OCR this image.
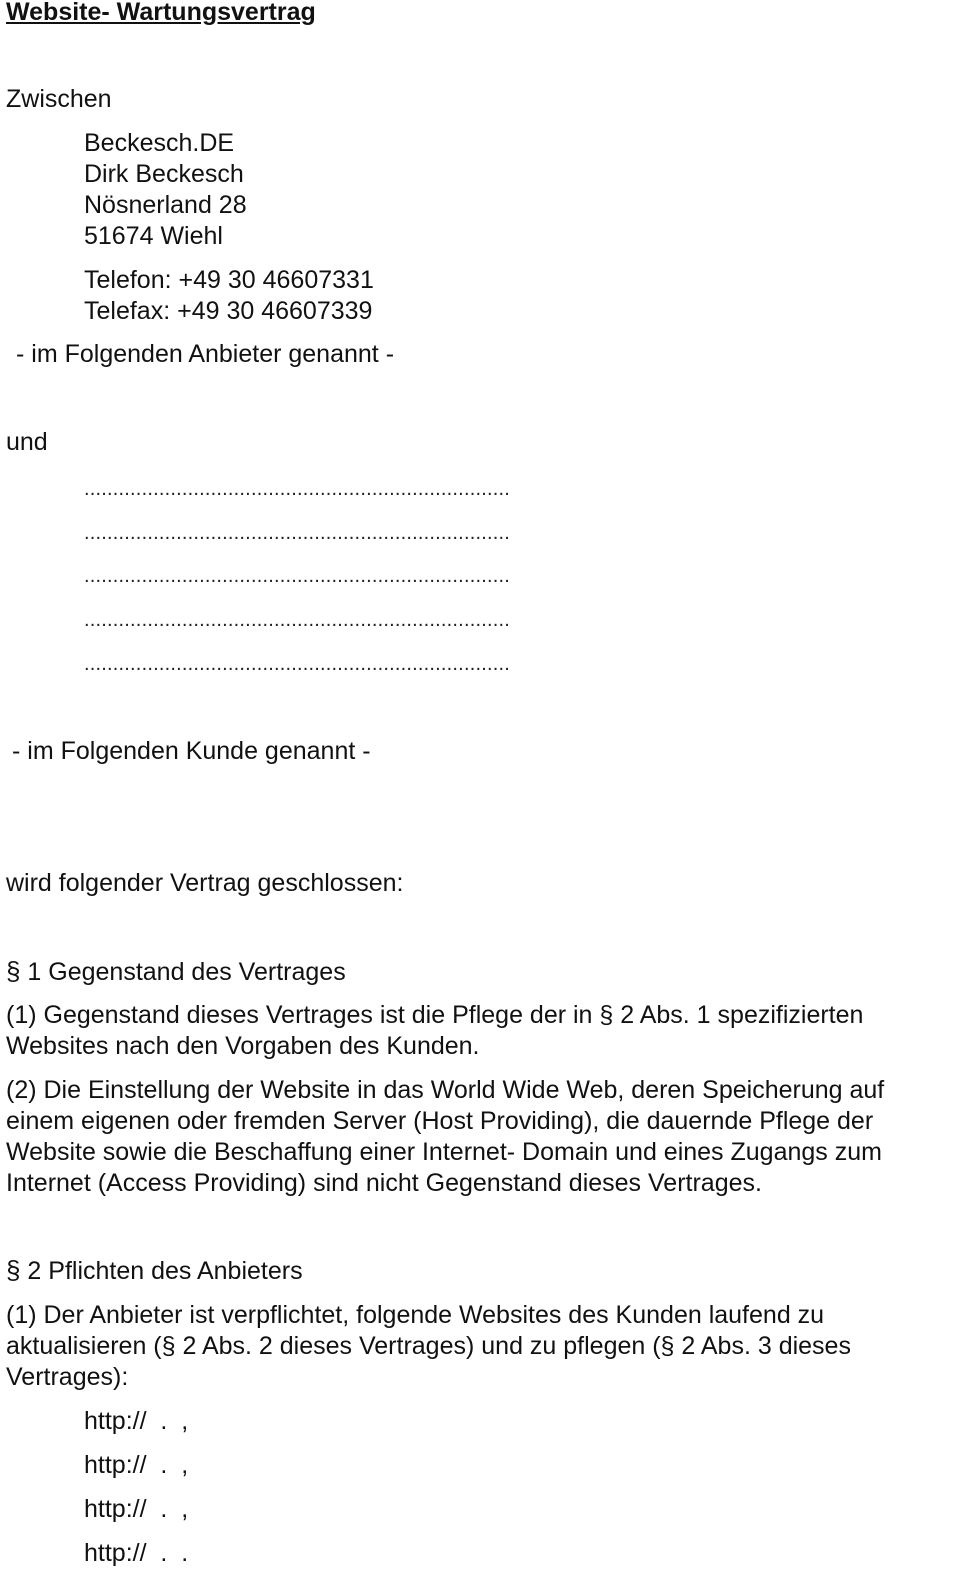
Website- Wartungsvertrag
Zwischen
Beckesch.DE
Dirk Beckesch
Nösnerland 28
51674 Wiehl
Telefon: +49 30 46607331
Telefax: +49 30 46607339
- im Folgenden Anbieter genannt -
und
..........................................................................
..........................................................................
..........................................................................
..........................................................................
..........................................................................
- im Folgenden Kunde genannt -
wird folgender Vertrag geschlossen:
§ 1 Gegenstand des Vertrages
(1) Gegenstand dieses Vertrages ist die Pflege der in § 2 Abs. 1 spezifizierten
Websites nach den Vorgaben des Kunden.
(2) Die Einstellung der Website in das World Wide Web, deren Speicherung auf
einem eigenen oder fremden Server (Host Providing), die dauernde Pflege der
Website sowie die Beschaffung einer Internet- Domain und eines Zugangs zum
Internet (Access Providing) sind nicht Gegenstand dieses Vertrages.
§ 2 Pflichten des Anbieters
(1) Der Anbieter ist verpflichtet, folgende Websites des Kunden laufend zu
aktualisieren (§ 2 Abs. 2 dieses Vertrages) und zu pflegen (§ 2 Abs. 3 dieses
Vertrages):
http://  .  ,
http://  .  ,
http://  .  ,
http://  .  .
